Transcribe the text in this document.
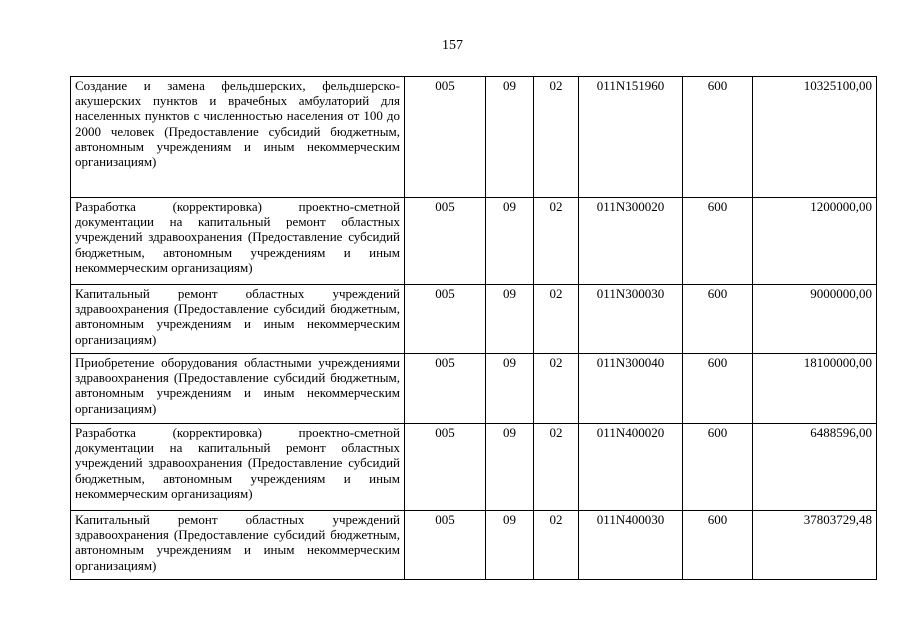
157
Создание и замена фельдшерских, фельдшерско-акушерских пунктов и врачебных амбулаторий для населенных пунктов с численностью населения от 100 до 2000 человек (Предоставление субсидий бюджетным, автономным учреждениям и иным некоммерческим организациям)	005	09	02	011N151960	600	10325100,00
Разработка (корректировка) проектно-сметной документации на капитальный ремонт областных учреждений здравоохранения (Предоставление субсидий бюджетным, автономным учреждениям и иным некоммерческим организациям)	005	09	02	011N300020	600	1200000,00
Капитальный ремонт областных учреждений здравоохранения (Предоставление субсидий бюджетным, автономным учреждениям и иным некоммерческим организациям)	005	09	02	011N300030	600	9000000,00
Приобретение оборудования областными учреждениями здравоохранения (Предоставление субсидий бюджетным, автономным учреждениям и иным некоммерческим организациям)	005	09	02	011N300040	600	18100000,00
Разработка (корректировка) проектно-сметной документации на капитальный ремонт областных учреждений здравоохранения (Предоставление субсидий бюджетным, автономным учреждениям и иным некоммерческим организациям)	005	09	02	011N400020	600	6488596,00
Капитальный ремонт областных учреждений здравоохранения (Предоставление субсидий бюджетным, автономным учреждениям и иным некоммерческим организациям)	005	09	02	011N400030	600	37803729,48
